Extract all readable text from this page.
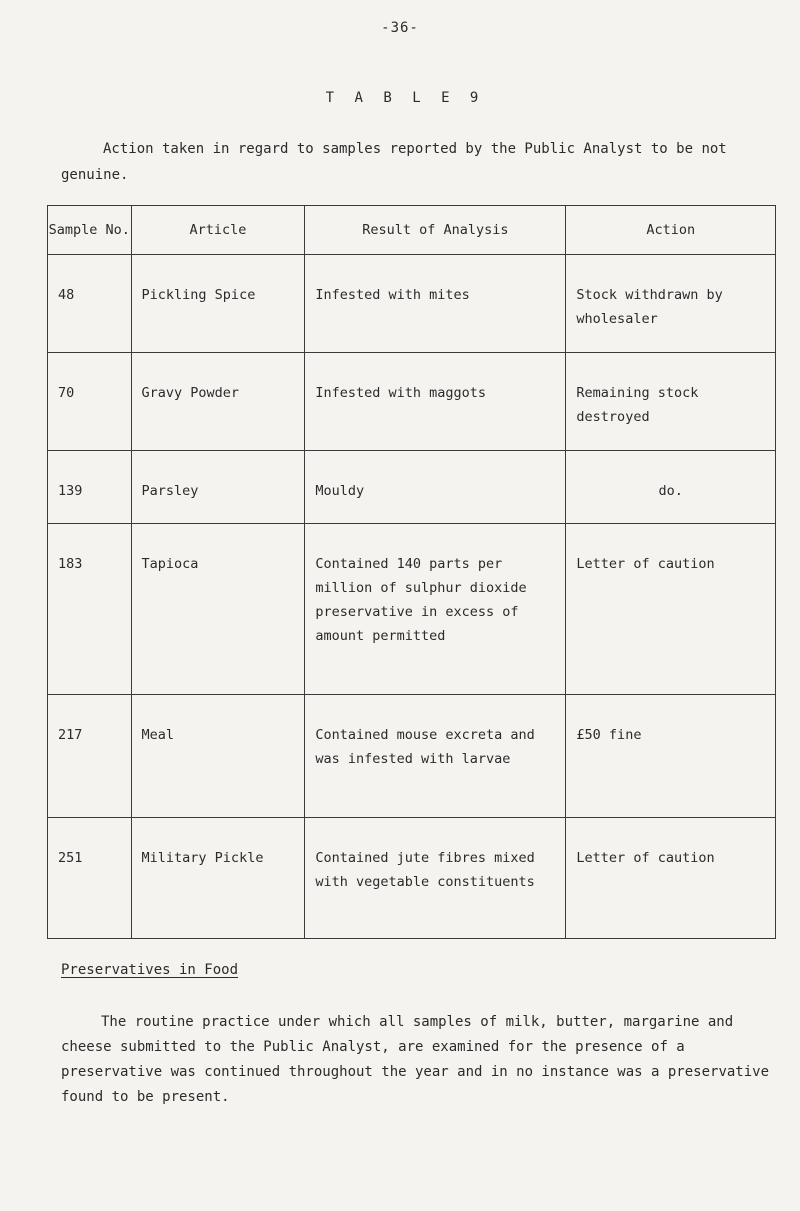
-36-
T A B L E 9
Action taken in regard to samples reported by the Public Analyst to be not genuine.
Sample No.	Article	Result of Analysis	Action

48	Pickling Spice	Infested with mites	Stock withdrawn by wholesaler

70	Gravy Powder	Infested with maggots	Remaining stock destroyed

139	Parsley	Mouldy	do.

183	Tapioca	Contained 140 parts per million of sulphur dioxide preservative in excess of amount permitted	Letter of caution

217	Meal	Contained mouse excreta and was infested with larvae	£50 fine

251	Military Pickle	Contained jute fibres mixed with vegetable constituents	Letter of caution
Preservatives in Food
The routine practice under which all samples of milk, butter, margarine and cheese submitted to the Public Analyst, are examined for the presence of a preservative was continued throughout the year and in no instance was a preservative found to be present.
